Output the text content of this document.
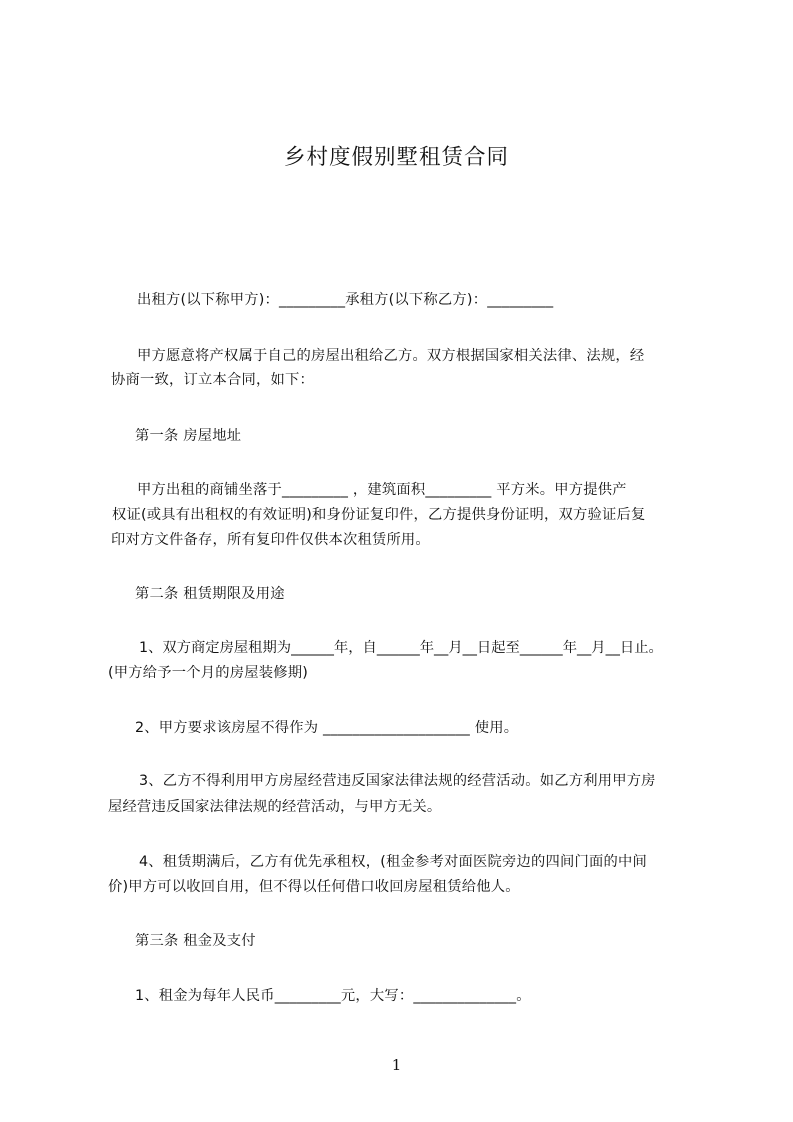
乡村度假别墅租赁合同
出租方(以下称甲方)：_________承租方(以下称乙方)：_________
甲方愿意将产权属于自己的房屋出租给乙方。双方根据国家相关法律、法规，经
协商一致，订立本合同，如下：
第一条 房屋地址
甲方出租的商铺坐落于_________ ，建筑面积_________ 平方米。甲方提供产
权证(或具有出租权的有效证明)和身份证复印件，乙方提供身份证明，双方验证后复
印对方文件备存，所有复印件仅供本次租赁所用。
第二条 租赁期限及用途
1、双方商定房屋租期为______年，自______年__月__日起至______年__月__日止。
(甲方给予一个月的房屋装修期)
2、甲方要求该房屋不得作为 ____________________ 使用。
3、乙方不得利用甲方房屋经营违反国家法律法规的经营活动。如乙方利用甲方房
屋经营违反国家法律法规的经营活动，与甲方无关。
4、租赁期满后，乙方有优先承租权，(租金参考对面医院旁边的四间门面的中间
价)甲方可以收回自用，但不得以任何借口收回房屋租赁给他人。
第三条 租金及支付
1、租金为每年人民币_________元，大写：______________。
1
